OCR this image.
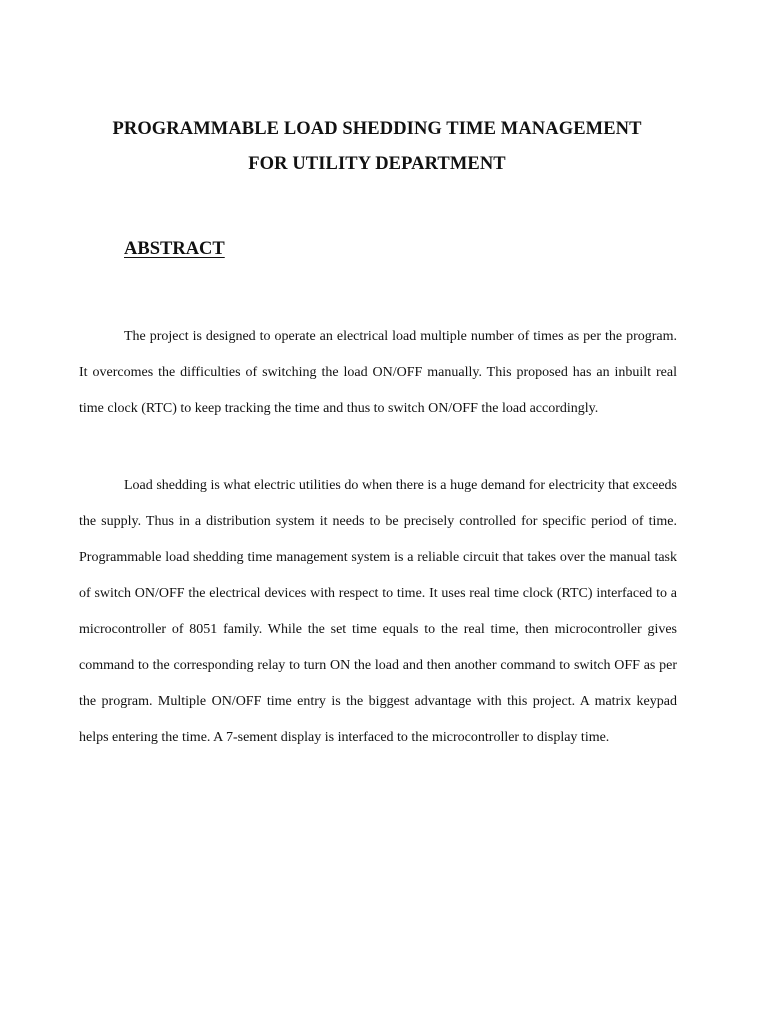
PROGRAMMABLE LOAD SHEDDING TIME MANAGEMENT
FOR UTILITY DEPARTMENT
ABSTRACT

The project is designed to operate an electrical load multiple number of times as per the program. It overcomes the difficulties of switching the load ON/OFF manually. This proposed has an inbuilt real time clock (RTC) to keep tracking the time and thus to switch ON/OFF the load accordingly.

Load shedding is what electric utilities do when there is a huge demand for electricity that exceeds the supply. Thus in a distribution system it needs to be precisely controlled for specific period of time. Programmable load shedding time management system is a reliable circuit that takes over the manual task of switch ON/OFF the electrical devices with respect to time. It uses real time clock (RTC) interfaced to a microcontroller of 8051 family. While the set time equals to the real time, then microcontroller gives command to the corresponding relay to turn ON the load and then another command to switch OFF as per the program. Multiple ON/OFF time entry is the biggest advantage with this project. A matrix keypad helps entering the time. A 7-sement display is interfaced to the microcontroller to display time.
